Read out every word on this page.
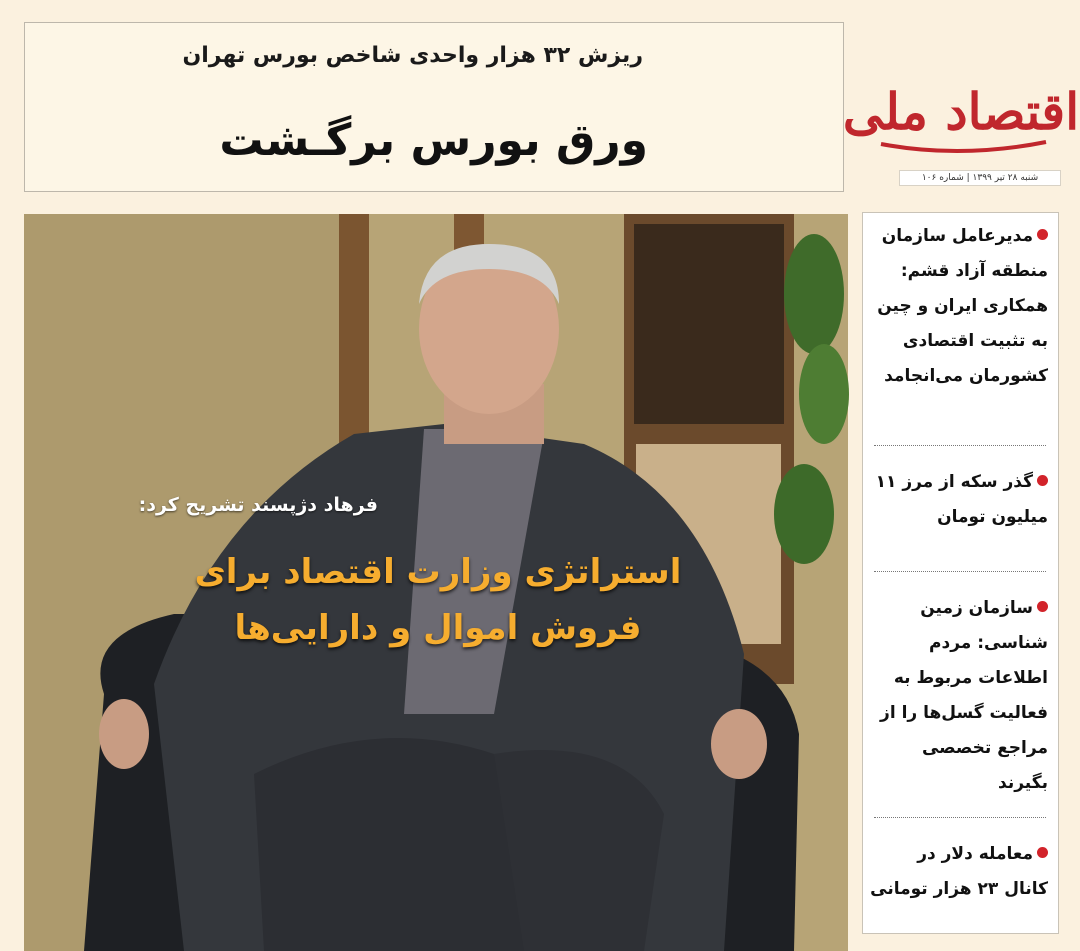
ریزش ۳۲ هزار واحدی شاخص بورس تهران
ورق بورس برگـشت	اقتصاد ملی
شنبه ۲۸ تیر ۱۳۹۹ | شماره ۱۰۶
فرهاد دژپسند تشریح کرد:
استراتژی وزارت اقتصاد برای فروش اموال و دارایی‌ها
مدیرعامل سازمان منطقه آزاد قشم: همکاری ایران و چین به تثبیت اقتصادی کشورمان می‌انجامد
گذر سکه از مرز ۱۱ میلیون تومان
سازمان زمین شناسی: مردم اطلاعات مربوط به فعالیت گسل‌ها را از مراجع تخصصی بگیرند
معامله دلار در کانال ۲۳ هزار تومانی
